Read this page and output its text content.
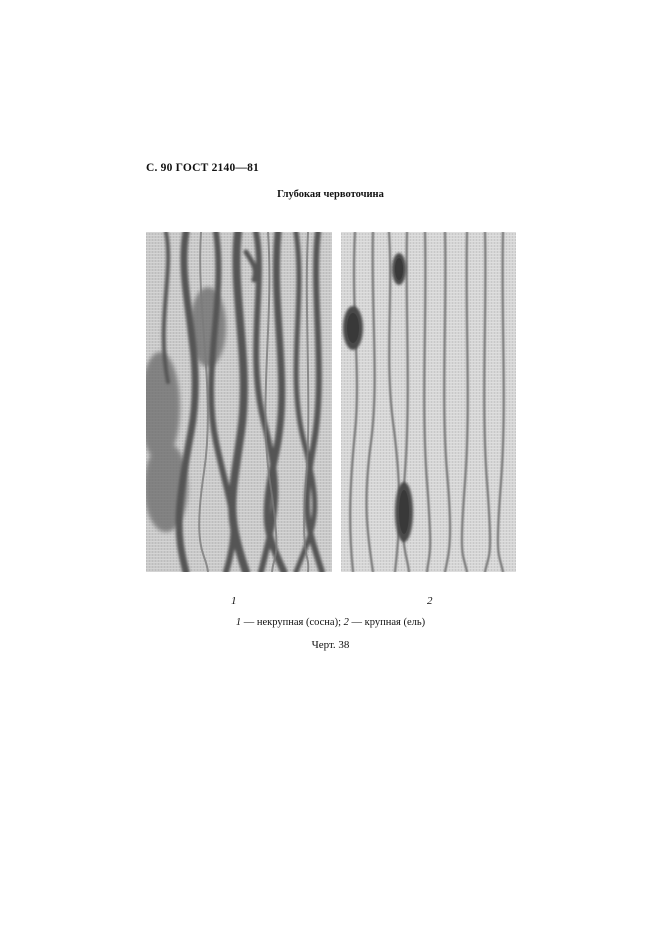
С. 90 ГОСТ 2140—81
Глубокая червоточина
1	2
1 — некрупная (сосна); 2 — крупная (ель)
Черт. 38
